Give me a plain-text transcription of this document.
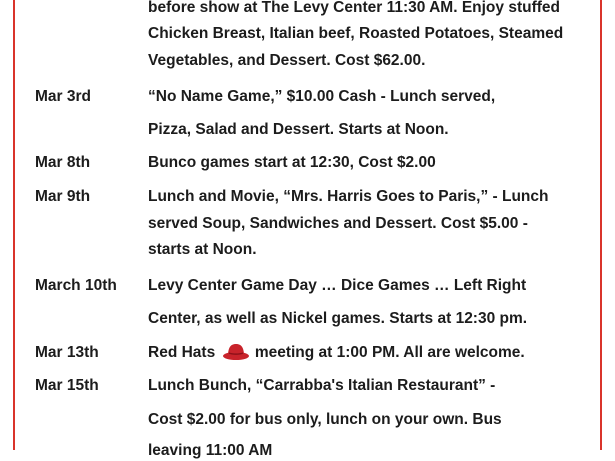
before show at The Levy Center 11:30 AM. Enjoy stuffed
Chicken Breast, Italian beef, Roasted Potatoes, Steamed
Vegetables, and Dessert. Cost $62.00.
Mar 3rd	“No Name Game,” $10.00 Cash - Lunch served,
Pizza, Salad and Dessert. Starts at Noon.
Mar 8th	Bunco games start at 12:30, Cost $2.00
Mar 9th	Lunch and Movie, “Mrs. Harris Goes to Paris,” - Lunch
served Soup, Sandwiches and Dessert. Cost $5.00 -
starts at Noon.
March 10th Levy Center Game Day … Dice Games … Left Right
Center, as well as Nickel games. Starts at 12:30 pm.
Mar 13th	Red Hats	meeting at 1:00 PM. All are welcome.
Mar 15th	Lunch Bunch, “Carrabba's Italian Restaurant” -
Cost $2.00 for bus only, lunch on your own. Bus
leaving 11:00 AM
